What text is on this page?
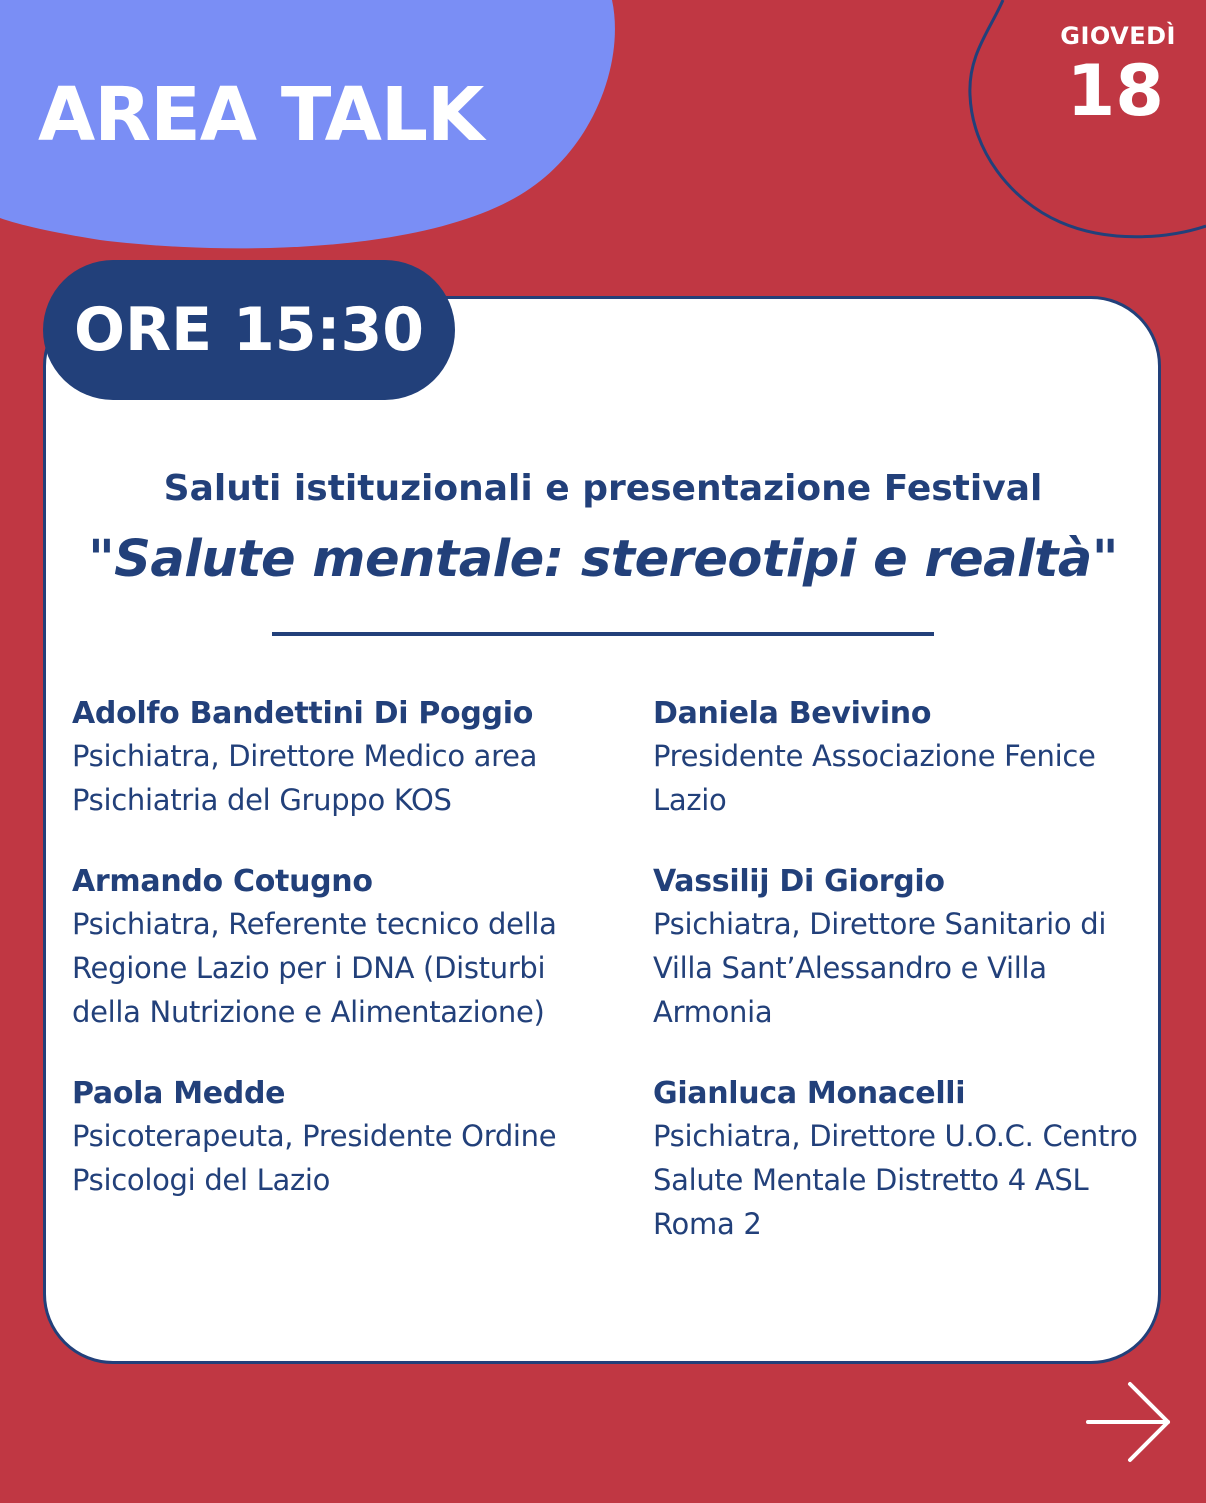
AREA TALK
GIOVEDÌ
18
ORE 15:30
Saluti istituzionali e presentazione Festival
"Salute mentale: stereotipi e realtà"
Adolfo Bandettini Di Poggio
Psichiatra, Direttore Medico area Psichiatria del Gruppo KOS
Armando Cotugno
Psichiatra, Referente tecnico della Regione Lazio per i DNA (Disturbi della Nutrizione e Alimentazione)
Paola Medde
Psicoterapeuta, Presidente Ordine Psicologi del Lazio
Daniela Bevivino
Presidente Associazione Fenice Lazio
Vassilij Di Giorgio
Psichiatra, Direttore Sanitario di Villa Sant’Alessandro e Villa Armonia
Gianluca Monacelli
Psichiatra, Direttore U.O.C. Centro Salute Mentale Distretto 4 ASL Roma 2
